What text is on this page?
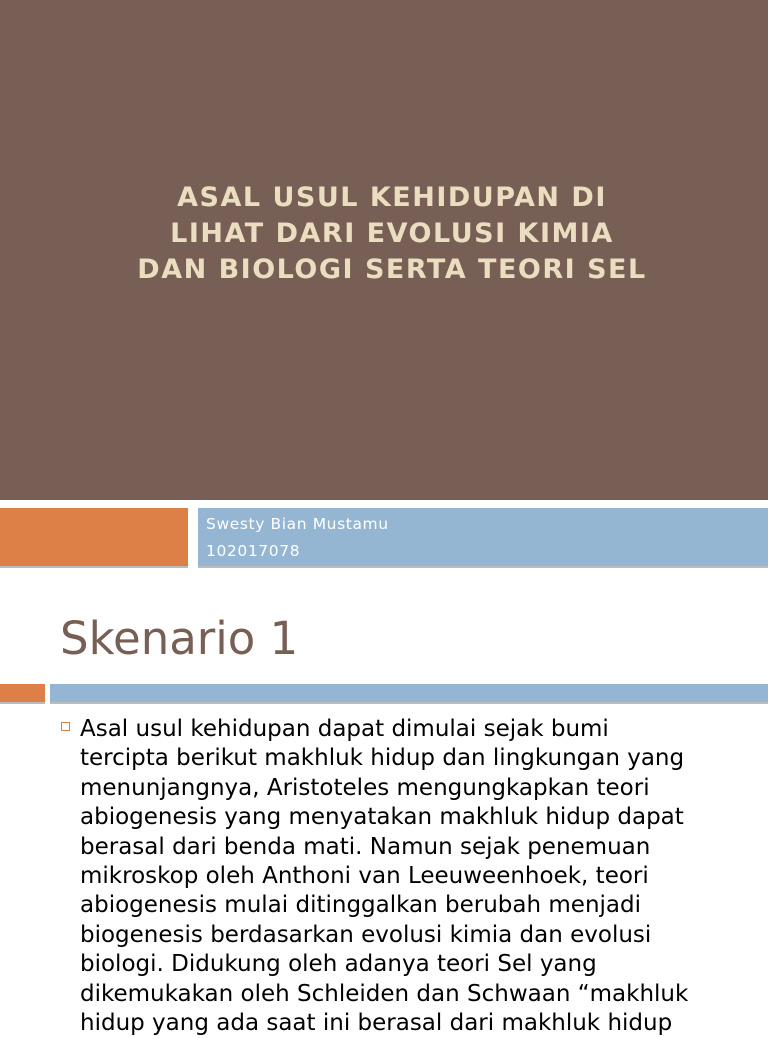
ASAL USUL KEHIDUPAN DI
LIHAT DARI EVOLUSI KIMIA
DAN BIOLOGI SERTA TEORI SEL
Swesty Bian Mustamu
102017078
Skenario 1
Asal usul kehidupan dapat dimulai sejak bumi
tercipta berikut makhluk hidup dan lingkungan yang
menunjangnya, Aristoteles mengungkapkan teori
abiogenesis yang menyatakan makhluk hidup dapat
berasal dari benda mati. Namun sejak penemuan
mikroskop oleh Anthoni van Leeuweenhoek, teori
abiogenesis mulai ditinggalkan berubah menjadi
biogenesis berdasarkan evolusi kimia dan evolusi
biologi. Didukung oleh adanya teori Sel yang
dikemukakan oleh Schleiden dan Schwaan “makhluk
hidup yang ada saat ini berasal dari makhluk hidup
